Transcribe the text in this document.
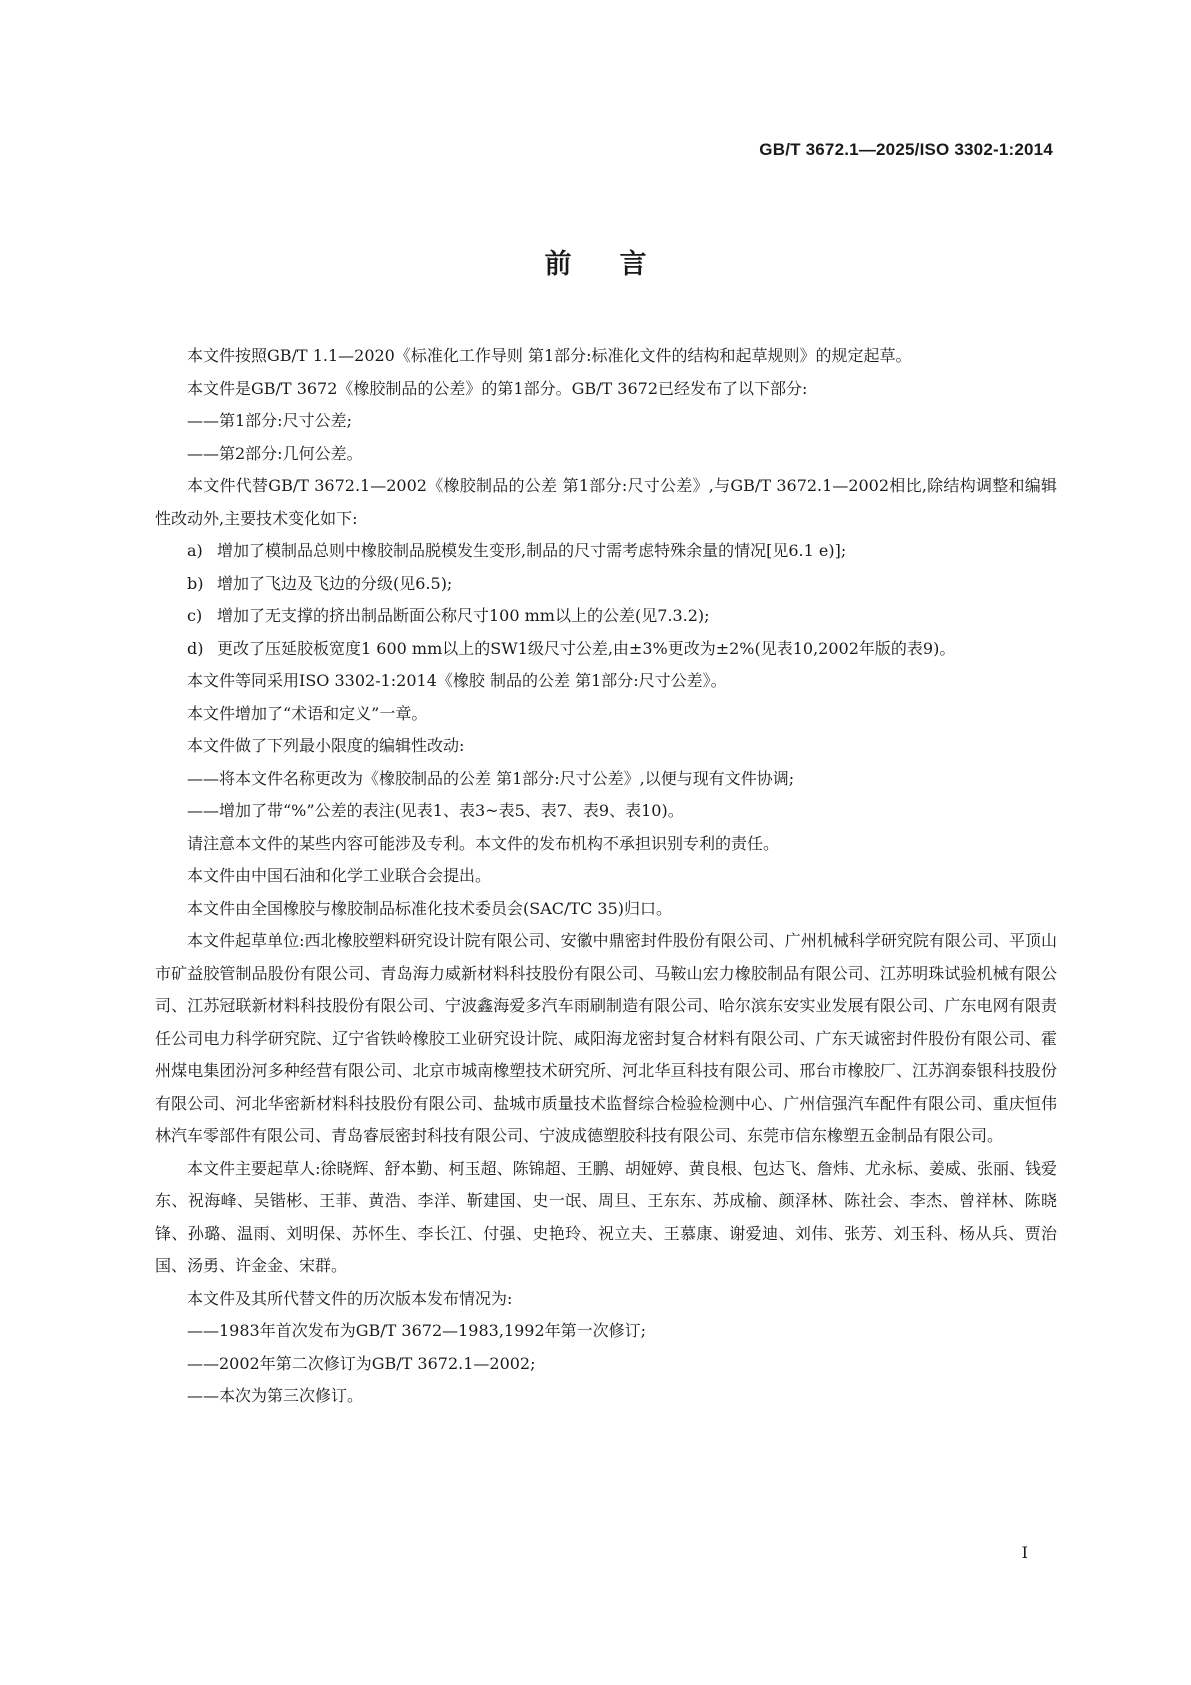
GB/T 3672.1—2025/ISO 3302-1:2014
前言

本文件按照GB/T 1.1—2020《标准化工作导则 第1部分:标准化文件的结构和起草规则》的规定起草。

本文件是GB/T 3672《橡胶制品的公差》的第1部分。GB/T 3672已经发布了以下部分:

——第1部分:尺寸公差;

——第2部分:几何公差。

本文件代替GB/T 3672.1—2002《橡胶制品的公差 第1部分:尺寸公差》,与GB/T 3672.1—2002相比,除结构调整和编辑性改动外,主要技术变化如下:

a) 增加了模制品总则中橡胶制品脱模发生变形,制品的尺寸需考虑特殊余量的情况[见6.1 e)];

b) 增加了飞边及飞边的分级(见6.5);

c) 增加了无支撑的挤出制品断面公称尺寸100 mm以上的公差(见7.3.2);

d) 更改了压延胶板宽度1 600 mm以上的SW1级尺寸公差,由±3%更改为±2%(见表10,2002年版的表9)。

本文件等同采用ISO 3302-1:2014《橡胶 制品的公差 第1部分:尺寸公差》。

本文件增加了“术语和定义”一章。

本文件做了下列最小限度的编辑性改动:

——将本文件名称更改为《橡胶制品的公差 第1部分:尺寸公差》,以便与现有文件协调;

——增加了带“%”公差的表注(见表1、表3~表5、表7、表9、表10)。

请注意本文件的某些内容可能涉及专利。本文件的发布机构不承担识别专利的责任。

本文件由中国石油和化学工业联合会提出。

本文件由全国橡胶与橡胶制品标准化技术委员会(SAC/TC 35)归口。

本文件起草单位:西北橡胶塑料研究设计院有限公司、安徽中鼎密封件股份有限公司、广州机械科学研究院有限公司、平顶山市矿益胶管制品股份有限公司、青岛海力威新材料科技股份有限公司、马鞍山宏力橡胶制品有限公司、江苏明珠试验机械有限公司、江苏冠联新材料科技股份有限公司、宁波鑫海爱多汽车雨刷制造有限公司、哈尔滨东安实业发展有限公司、广东电网有限责任公司电力科学研究院、辽宁省铁岭橡胶工业研究设计院、咸阳海龙密封复合材料有限公司、广东天诚密封件股份有限公司、霍州煤电集团汾河多种经营有限公司、北京市城南橡塑技术研究所、河北华亘科技有限公司、邢台市橡胶厂、江苏润泰银科技股份有限公司、河北华密新材料科技股份有限公司、盐城市质量技术监督综合检验检测中心、广州信强汽车配件有限公司、重庆恒伟林汽车零部件有限公司、青岛睿辰密封科技有限公司、宁波成德塑胶科技有限公司、东莞市信东橡塑五金制品有限公司。

本文件主要起草人:徐晓辉、舒本勤、柯玉超、陈锦超、王鹏、胡娅婷、黄良根、包达飞、詹炜、尤永标、姜威、张丽、钱爱东、祝海峰、吴锴彬、王菲、黄浩、李洋、靳建国、史一氓、周旦、王东东、苏成榆、颜泽林、陈社会、李杰、曾祥林、陈晓锋、孙璐、温雨、刘明保、苏怀生、李长江、付强、史艳玲、祝立夫、王慕康、谢爱迪、刘伟、张芳、刘玉科、杨从兵、贾治国、汤勇、许金金、宋群。

本文件及其所代替文件的历次版本发布情况为:

——1983年首次发布为GB/T 3672—1983,1992年第一次修订;

——2002年第二次修订为GB/T 3672.1—2002;

——本次为第三次修订。

I
